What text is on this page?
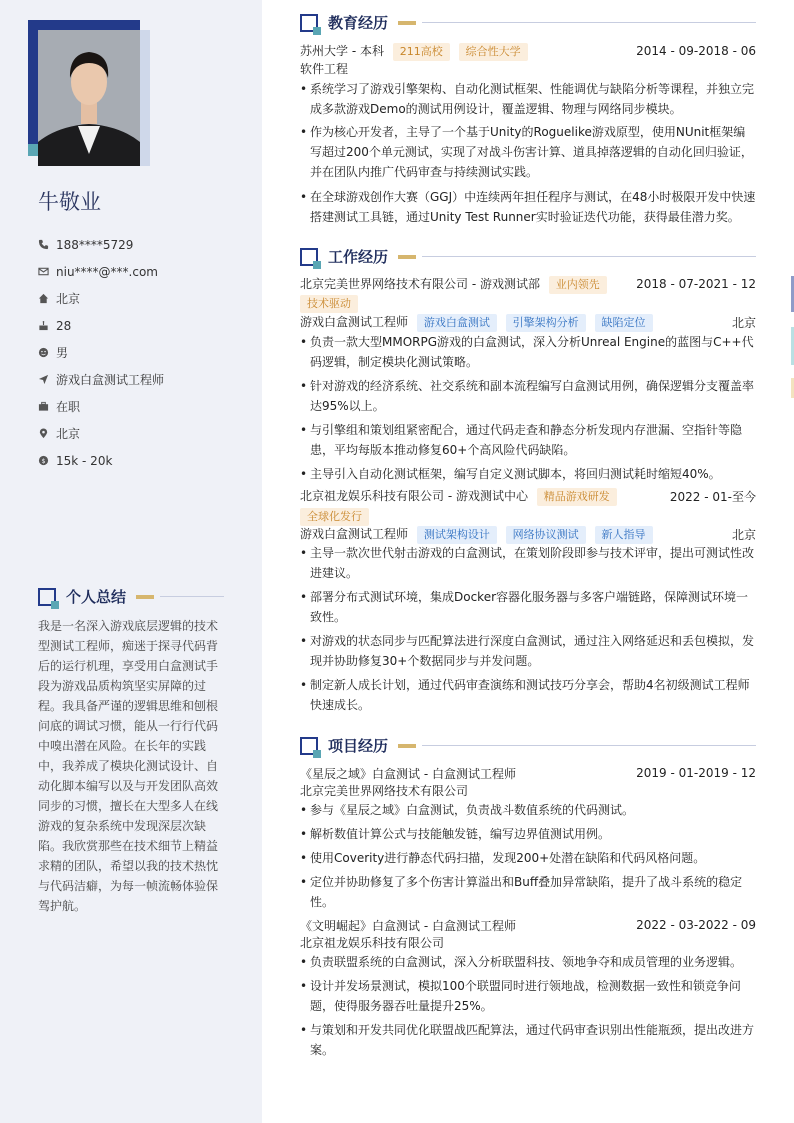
牛敬业
188****5729
niu****@***.com
北京
28
男
游戏白盒测试工程师
在职
北京
$ 15k - 20k
个人总结
我是一名深入游戏底层逻辑的技术型测试工程师，痴迷于探寻代码背后的运行机理，享受用白盒测试手段为游戏品质构筑坚实屏障的过程。我具备严谨的逻辑思维和刨根问底的调试习惯，能从一行行代码中嗅出潜在风险。在长年的实践中，我养成了模块化测试设计、自动化脚本编写以及与开发团队高效同步的习惯，擅长在大型多人在线游戏的复杂系统中发现深层次缺陷。我欣赏那些在技术细节上精益求精的团队，希望以我的技术热忱与代码洁癖，为每一帧流畅体验保驾护航。
教育经历
苏州大学 - 本科 211高校 综合性大学	2014 - 09-2018 - 06
软件工程
• 系统学习了游戏引擎架构、自动化测试框架、性能调优与缺陷分析等课程，并独立完成多款游戏Demo的测试用例设计，覆盖逻辑、物理与网络同步模块。
• 作为核心开发者，主导了一个基于Unity的Roguelike游戏原型，使用NUnit框架编写超过200个单元测试，实现了对战斗伤害计算、道具掉落逻辑的自动化回归验证，并在团队内推广代码审查与持续测试实践。
• 在全球游戏创作大赛（GGJ）中连续两年担任程序与测试，在48小时极限开发中快速搭建测试工具链，通过Unity Test Runner实时验证迭代功能，获得最佳潜力奖。
工作经历
北京完美世界网络技术有限公司 - 游戏测试部 业内领先	2018 - 07-2021 - 12
技术驱动
游戏白盒测试工程师 游戏白盒测试 引擎架构分析 缺陷定位	北京
• 负责一款大型MMORPG游戏的白盒测试，深入分析Unreal Engine的蓝图与C++代码逻辑，制定模块化测试策略。
• 针对游戏的经济系统、社交系统和副本流程编写白盒测试用例，确保逻辑分支覆盖率达95%以上。
• 与引擎组和策划组紧密配合，通过代码走查和静态分析发现内存泄漏、空指针等隐患，平均每版本推动修复60+个高风险代码缺陷。
• 主导引入自动化测试框架，编写自定义测试脚本，将回归测试耗时缩短40%。
北京祖龙娱乐科技有限公司 - 游戏测试中心 精品游戏研发	2022 - 01-至今
全球化发行
游戏白盒测试工程师 测试架构设计 网络协议测试 新人指导	北京
• 主导一款次世代射击游戏的白盒测试，在策划阶段即参与技术评审，提出可测试性改进建议。
• 部署分布式测试环境，集成Docker容器化服务器与多客户端链路，保障测试环境一致性。
• 对游戏的状态同步与匹配算法进行深度白盒测试，通过注入网络延迟和丢包模拟，发现并协助修复30+个数据同步与并发问题。
• 制定新人成长计划，通过代码审查演练和测试技巧分享会，帮助4名初级测试工程师快速成长。
项目经历
《星辰之域》白盒测试 - 白盒测试工程师	2019 - 01-2019 - 12
北京完美世界网络技术有限公司
• 参与《星辰之域》白盒测试，负责战斗数值系统的代码测试。
• 解析数值计算公式与技能触发链，编写边界值测试用例。
• 使用Coverity进行静态代码扫描，发现200+处潜在缺陷和代码风格问题。
• 定位并协助修复了多个伤害计算溢出和Buff叠加异常缺陷，提升了战斗系统的稳定性。
《文明崛起》白盒测试 - 白盒测试工程师	2022 - 03-2022 - 09
北京祖龙娱乐科技有限公司
• 负责联盟系统的白盒测试，深入分析联盟科技、领地争夺和成员管理的业务逻辑。
• 设计并发场景测试，模拟100个联盟同时进行领地战，检测数据一致性和锁竞争问题，使得服务器吞吐量提升25%。
• 与策划和开发共同优化联盟战匹配算法，通过代码审查识别出性能瓶颈，提出改进方案。
